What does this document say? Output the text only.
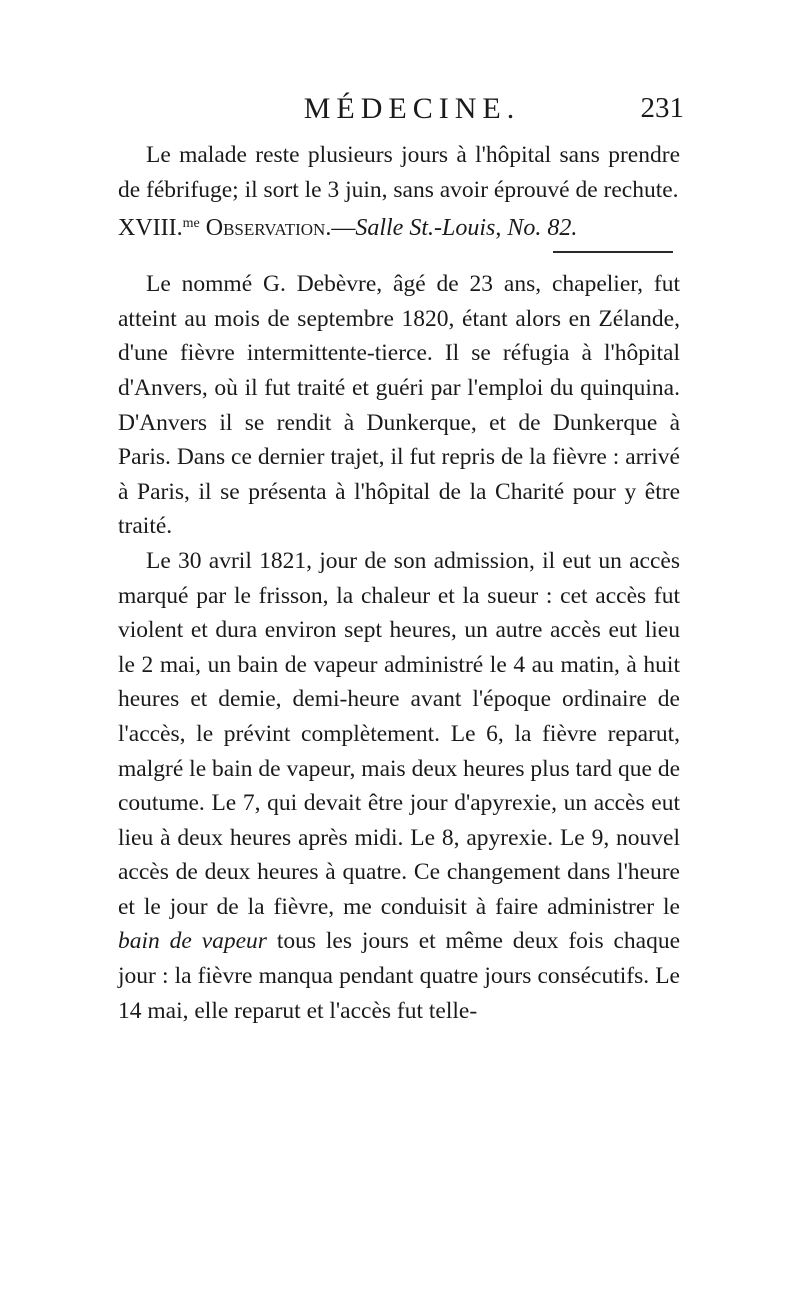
MÉDECINE.	231

Le malade reste plusieurs jours à l'hôpital sans prendre de fébrifuge; il sort le 3 juin, sans avoir éprouvé de rechute.

XVIII.$^{me}$ Observation.—Salle St.-Louis, No. 82.

Le nommé G. Debèvre, âgé de 23 ans, chapelier, fut atteint au mois de septembre 1820, étant alors en Zélande, d'une fièvre intermittente-tierce. Il se réfugia à l'hôpital d'Anvers, où il fut traité et guéri par l'emploi du quinquina. D'Anvers il se rendit à Dunkerque, et de Dunkerque à Paris. Dans ce dernier trajet, il fut repris de la fièvre : arrivé à Paris, il se présenta à l'hôpital de la Charité pour y être traité.

Le 30 avril 1821, jour de son admission, il eut un accès marqué par le frisson, la chaleur et la sueur : cet accès fut violent et dura environ sept heures, un autre accès eut lieu le 2 mai, un bain de vapeur administré le 4 au matin, à huit heures et demie, demi-heure avant l'époque ordinaire de l'accès, le prévint complètement. Le 6, la fièvre reparut, malgré le bain de vapeur, mais deux heures plus tard que de coutume. Le 7, qui devait être jour d'apyrexie, un accès eut lieu à deux heures après midi. Le 8, apyrexie. Le 9, nouvel accès de deux heures à quatre. Ce changement dans l'heure et le jour de la fièvre, me conduisit à faire administrer le bain de vapeur tous les jours et même deux fois chaque jour : la fièvre manqua pendant quatre jours consécutifs. Le 14 mai, elle reparut et l'accès fut telle-
